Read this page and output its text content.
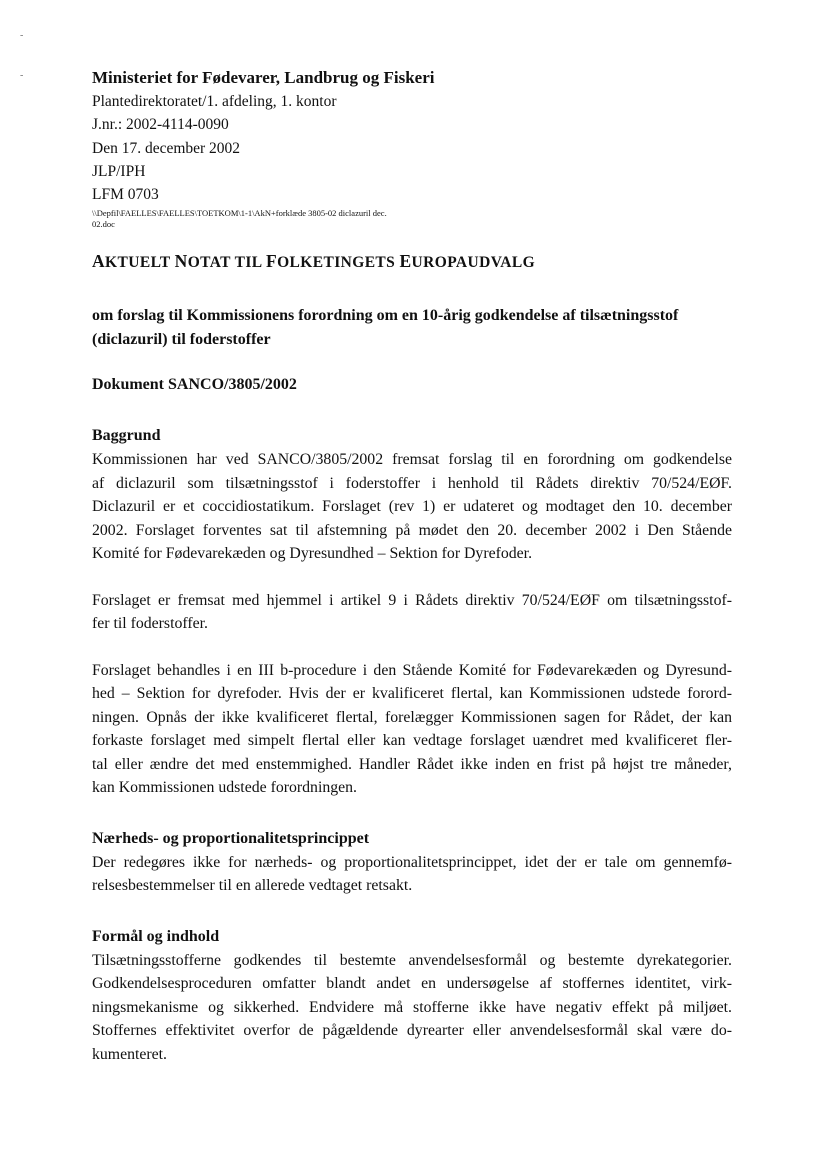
-
-	Ministeriet for Fødevarer, Landbrug og Fiskeri
Plantedirektoratet/1. afdeling, 1. kontor
J.nr.: 2002-4114-0090
Den 17. december 2002
JLP/IPH
LFM 0703
\\Depfil\FAELLES\FAELLES\TOETKOM\1-1\AkN+forklæde 3805-02 diclazuril dec.
02.doc
AKTUELT NOTAT TIL FOLKETINGETS EUROPAUDVALG
om forslag til Kommissionens forordning om en 10-årig godkendelse af tilsætningsstof
(diclazuril) til foderstoffer
Dokument SANCO/3805/2002
Baggrund
Kommissionen har ved SANCO/3805/2002 fremsat forslag til en forordning om godkendelse
af diclazuril som tilsætningsstof i foderstoffer i henhold til Rådets direktiv 70/524/EØF.
Diclazuril er et coccidiostatikum. Forslaget (rev 1) er udateret og modtaget den 10. december
2002. Forslaget forventes sat til afstemning på mødet den 20. december 2002 i Den Stående
Komité for Fødevarekæden og Dyresundhed – Sektion for Dyrefoder.
Forslaget er fremsat med hjemmel i artikel 9 i Rådets direktiv 70/524/EØF om tilsætningsstof-
fer til foderstoffer.
Forslaget behandles i en III b-procedure i den Stående Komité for Fødevarekæden og Dyresund-
hed – Sektion for dyrefoder. Hvis der er kvalificeret flertal, kan Kommissionen udstede forord-
ningen. Opnås der ikke kvalificeret flertal, forelægger Kommissionen sagen for Rådet, der kan
forkaste forslaget med simpelt flertal eller kan vedtage forslaget uændret med kvalificeret fler-
tal eller ændre det med enstemmighed. Handler Rådet ikke inden en frist på højst tre måneder,
kan Kommissionen udstede forordningen.
Nærheds- og proportionalitetsprincippet
Der redegøres ikke for nærheds- og proportionalitetsprincippet, idet der er tale om gennemfø-
relsesbestemmelser til en allerede vedtaget retsakt.
Formål og indhold
Tilsætningsstofferne godkendes til bestemte anvendelsesformål og bestemte dyrekategorier.
Godkendelsesproceduren omfatter blandt andet en undersøgelse af stoffernes identitet, virk-
ningsmekanisme og sikkerhed. Endvidere må stofferne ikke have negativ effekt på miljøet.
Stoffernes effektivitet overfor de pågældende dyrearter eller anvendelsesformål skal være do-
kumenteret.
